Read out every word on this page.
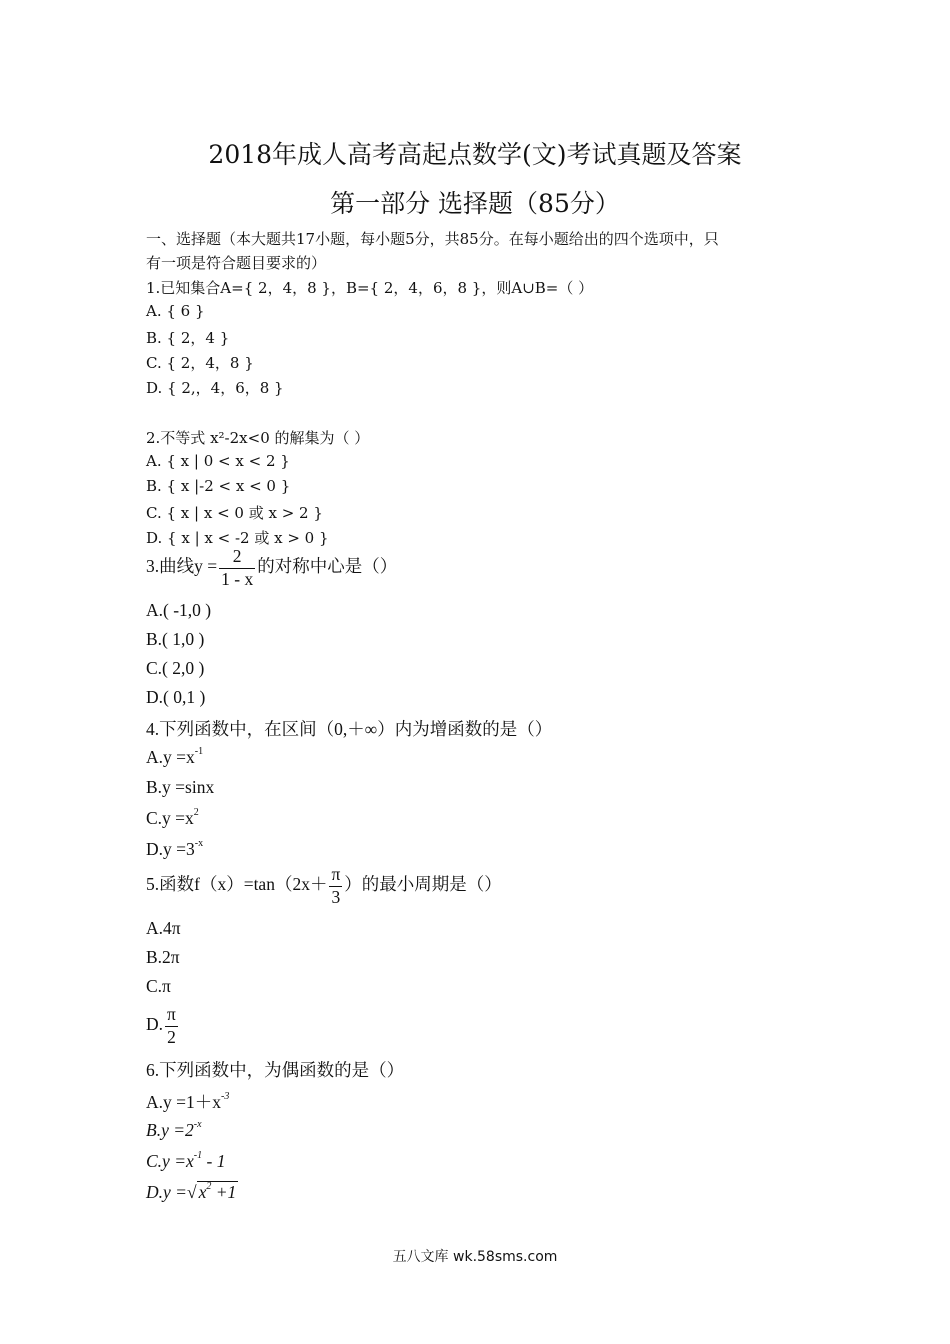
2018年成人高考高起点数学(文)考试真题及答案
第一部分 选择题（85分）
一、选择题（本大题共17小题，每小题5分，共85分。在每小题给出的四个选项中，只
有一项是符合题目要求的）
1.已知集合A={ 2，4，8 }，B={ 2，4，6，8 }，则A∪B=（ ）
A. { 6 }
B. { 2，4 }
C. { 2，4，8 }
D. { 2,，4，6，8 }
2.不等式 x²-2x<0 的解集为（ ）
A. { x | 0 < x < 2 }
B. { x |-2 < x < 0 }
C. { x | x < 0 或 x > 2 }
D. { x | x < -2 或 x > 0 }
3.曲线$y = \frac{2}{1 - x}$ 的对称中心是（）
A.( -1,0 )
B.( 1,0 )
C.( 2,0 )
D.( 0,1 )
4.下列函数中，在区间（0,＋∞）内为增函数的是（）
$A.y =x^{-1}$
B.y =sinx
$C.y =x^2$
$D.y =3^{-x}$
5.函数$f(x)=\tan(2x+ \frac{\pi}{3}$ ）的最小周期是（）
A.4π
B.2π
C.π
D. $\frac{\pi}{2}$
6.下列函数中，为偶函数的是（）
$A.y =1+x^{-3}$
$B.y =2^{-x}$
$C.y =x^{-1} - 1$
D.y =√ $x^2 +1$
五八文库 wk.58sms.com
